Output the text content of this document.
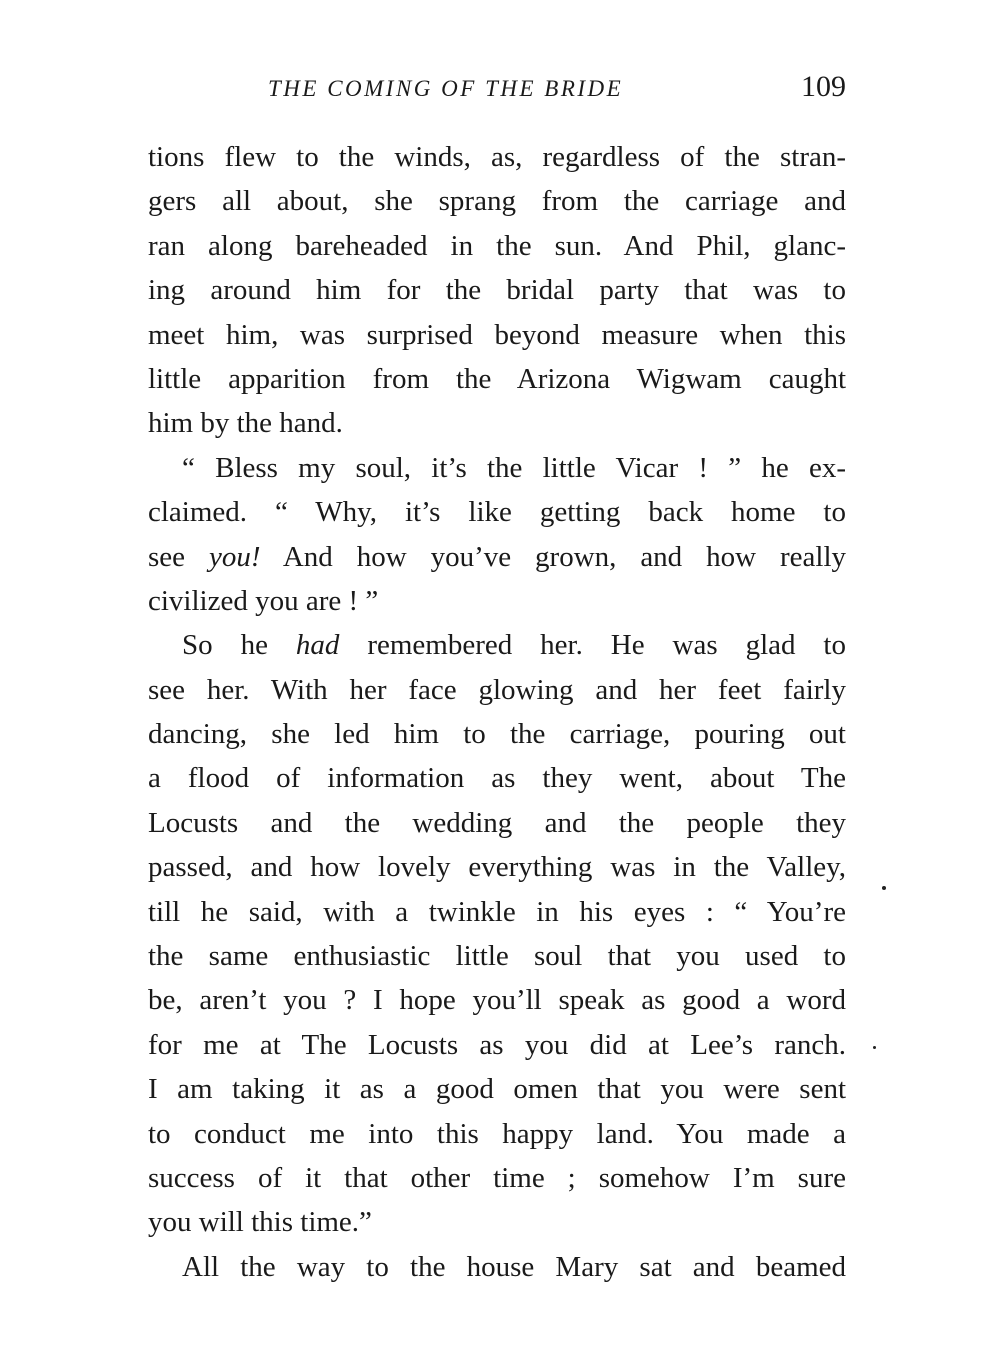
THE COMING OF THE BRIDE	109
tions flew to the winds, as, regardless of the stran-
gers all about, she sprang from the carriage and
ran along bareheaded in the sun. And Phil, glanc-
ing around him for the bridal party that was to
meet him, was surprised beyond measure when this
little apparition from the Arizona Wigwam caught
him by the hand.
“ Bless my soul, it’s the little Vicar ! ” he ex-
claimed. “ Why, it’s like getting back home to
see you! And how you’ve grown, and how really
civilized you are ! ”
So he had remembered her. He was glad to
see her. With her face glowing and her feet fairly
dancing, she led him to the carriage, pouring out
a flood of information as they went, about The
Locusts and the wedding and the people they
passed, and how lovely everything was in the Valley,
till he said, with a twinkle in his eyes : “ You’re
the same enthusiastic little soul that you used to
be, aren’t you ? I hope you’ll speak as good a word
for me at The Locusts as you did at Lee’s ranch.
I am taking it as a good omen that you were sent
to conduct me into this happy land. You made a
success of it that other time ; somehow I’m sure
you will this time.”
All the way to the house Mary sat and beamed
